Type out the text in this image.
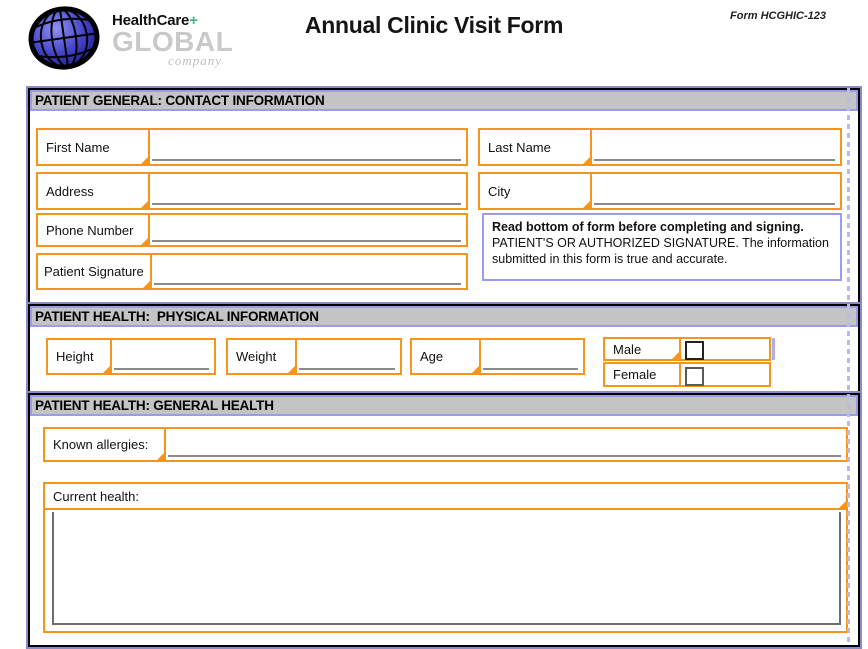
HealthCare+
GLOBAL
company
Annual Clinic Visit Form	Form HCGHIC-123
PATIENT GENERAL: CONTACT INFORMATION
First Name	Last Name
Address	City
Phone Number
Patient Signature
Read bottom of form before completing and signing. PATIENT'S OR AUTHORIZED SIGNATURE. The information submitted in this form is true and accurate.
PATIENT HEALTH:  PHYSICAL INFORMATION
Height	Weight	Age	Male
Female
PATIENT HEALTH: GENERAL HEALTH
Known allergies:
Current health:
